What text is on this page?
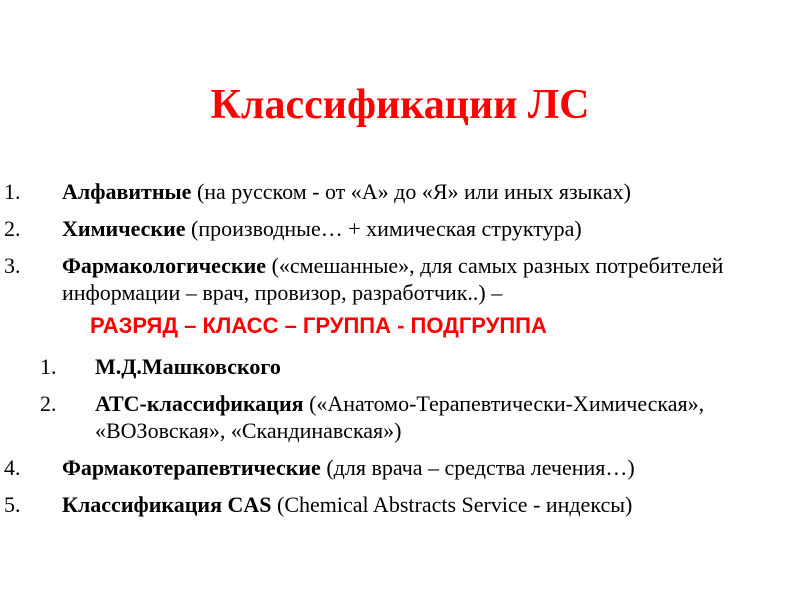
Классификации ЛС
1. Алфавитные (на русском - от «А» до «Я» или иных языках)
2. Химические (производные… + химическая структура)
3. Фармакологические («смешанные», для самых разных потребителей информации – врач, провизор, разработчик..) –
РАЗРЯД – КЛАСС – ГРУППА - ПОДГРУППА
1. М.Д.Машковского
2. АТС-классификация («Анатомо-Терапевтически-Химическая», «ВОЗовская», «Скандинавская»)
4. Фармакотерапевтические (для врача – средства лечения…)
5. Классификация CAS (Chemical Abstracts Service - индексы)
